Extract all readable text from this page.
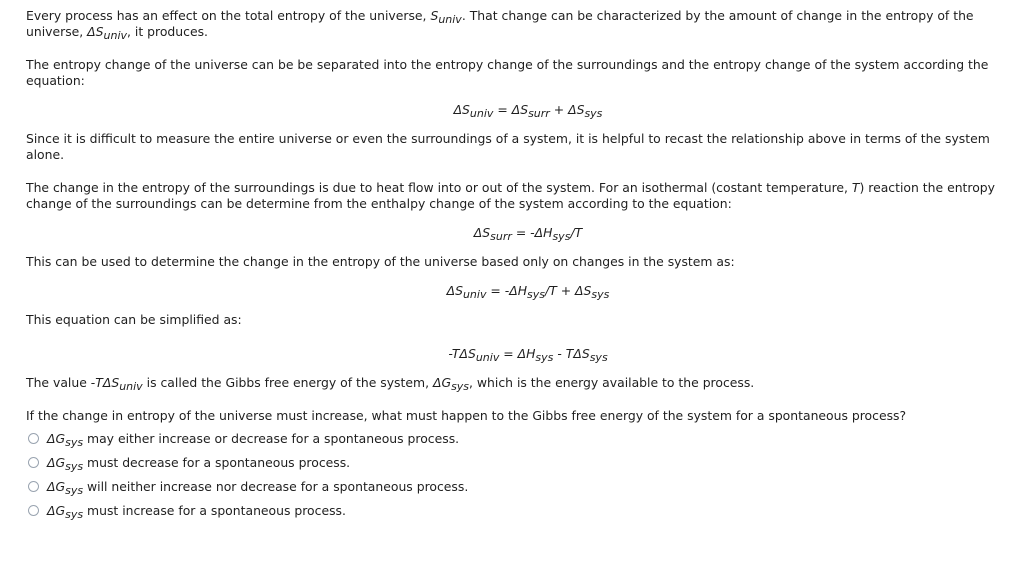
Every process has an effect on the total entropy of the universe, $S_{univ}$. That change can be characterized by the amount of change in the entropy of the universe, $\Delta S_{univ}$, it produces.

The entropy change of the universe can be be separated into the entropy change of the surroundings and the entropy change of the system according the equation:

$\Delta S_{univ} = \Delta S_{surr} + \Delta S_{sys}$

Since it is difficult to measure the entire universe or even the surroundings of a system, it is helpful to recast the relationship above in terms of the system alone.

The change in the entropy of the surroundings is due to heat flow into or out of the system. For an isothermal (costant temperature, T) reaction the entropy change of the surroundings can be determine from the enthalpy change of the system according to the equation:

$\Delta S_{surr} = -\Delta H_{sys}/T$

This can be used to determine the change in the entropy of the universe based only on changes in the system as:

$\Delta S_{univ} = -\Delta H_{sys}/T + \Delta S_{sys}$

This equation can be simplified as:

$-T\Delta S_{univ} = \Delta H_{sys} - T\Delta S_{sys}$

The value $-T\Delta S_{univ}$ is called the Gibbs free energy of the system, $\Delta G_{sys}$, which is the energy available to the process.

If the change in entropy of the universe must increase, what must happen to the Gibbs free energy of the system for a spontaneous process?

$\Delta G_{sys}$ may either increase or decrease for a spontaneous process.
$\Delta G_{sys}$ must decrease for a spontaneous process.
$\Delta G_{sys}$ will neither increase nor decrease for a spontaneous process.
$\Delta G_{sys}$ must increase for a spontaneous process.
